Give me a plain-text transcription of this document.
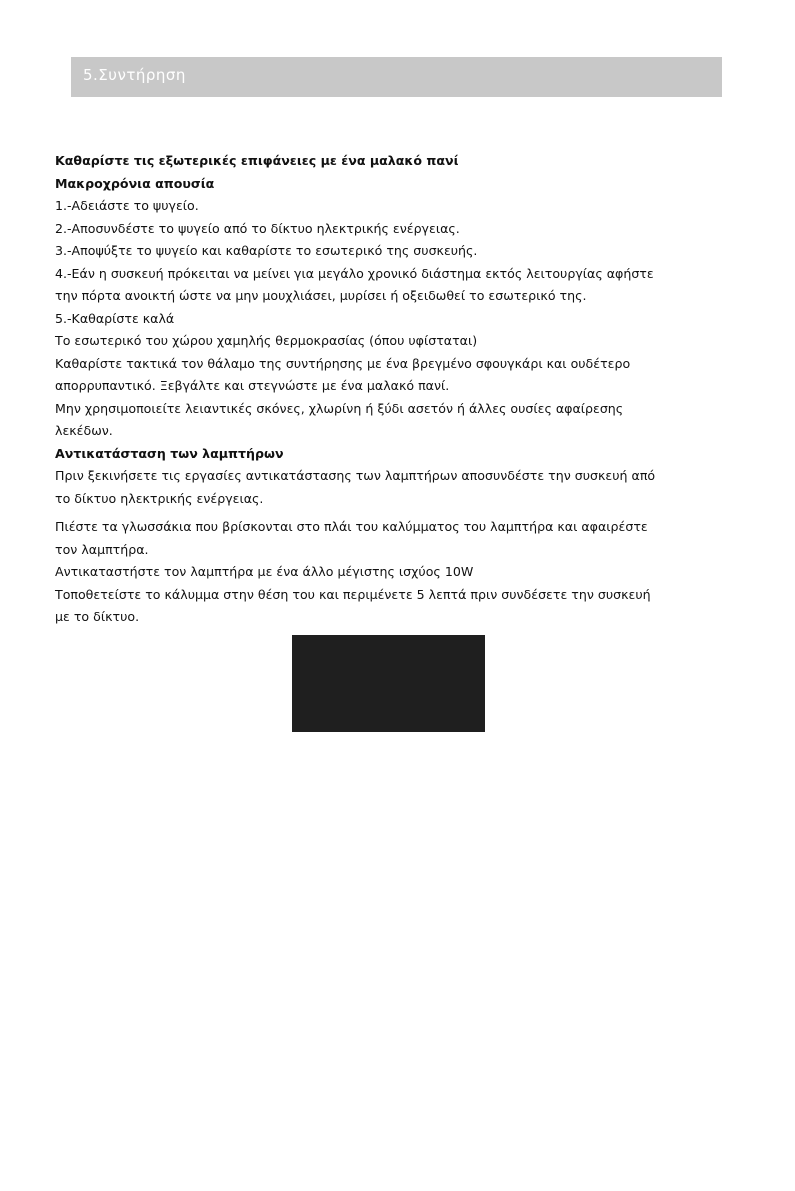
5.Συντήρηση
Καθαρίστε τις εξωτερικές επιφάνειες με ένα μαλακό πανί
Μακροχρόνια απουσία
1.-Αδειάστε το ψυγείο.
2.-Αποσυνδέστε το ψυγείο από το δίκτυο ηλεκτρικής ενέργειας.
3.-Αποψύξτε το ψυγείο και καθαρίστε το εσωτερικό της συσκευής.
4.-Εάν η συσκευή πρόκειται να μείνει για μεγάλο χρονικό διάστημα εκτός λειτουργίας αφήστε
την πόρτα ανοικτή ώστε να μην μουχλιάσει, μυρίσει ή οξειδωθεί το εσωτερικό της.
5.-Καθαρίστε καλά
Το εσωτερικό του χώρου χαμηλής θερμοκρασίας (όπου υφίσταται)
Καθαρίστε τακτικά τον θάλαμο της συντήρησης με ένα βρεγμένο σφουγκάρι και ουδέτερο
απορρυπαντικό. Ξεβγάλτε και στεγνώστε με ένα μαλακό πανί.
Μην χρησιμοποιείτε λειαντικές σκόνες, χλωρίνη ή ξύδι ασετόν ή άλλες ουσίες αφαίρεσης
λεκέδων.
Αντικατάσταση των λαμπτήρων
Πριν ξεκινήσετε τις εργασίες αντικατάστασης των λαμπτήρων αποσυνδέστε την συσκευή από
το δίκτυο ηλεκτρικής ενέργειας.
Πιέστε τα γλωσσάκια που βρίσκονται στο πλάι του καλύμματος του λαμπτήρα και αφαιρέστε
τον λαμπτήρα.
Αντικαταστήστε τον λαμπτήρα με ένα άλλο μέγιστης ισχύος 10W
Τοποθετείστε το κάλυμμα στην θέση του και περιμένετε 5 λεπτά πριν συνδέσετε την συσκευή
με το δίκτυο.
